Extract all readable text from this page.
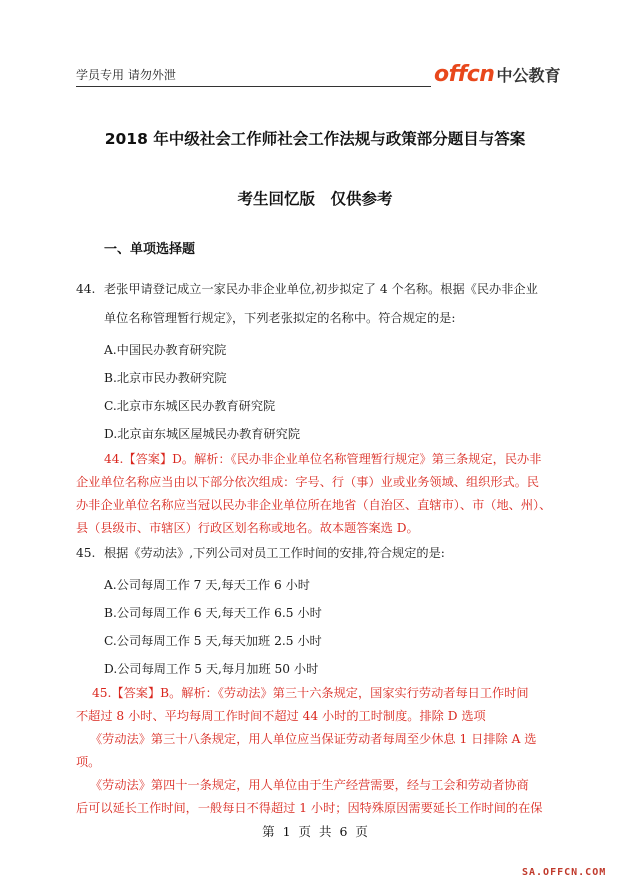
学员专用 请勿外泄	offcn 中公教育
2018 年中级社会工作师社会工作法规与政策部分题目与答案
考生回忆版 仅供参考
一、单项选择题
44. 老张甲请登记成立一家民办非企业单位,初步拟定了 4 个名称。根据《民办非企业
单位名称管理暂行规定》，下列老张拟定的名称中。符合规定的是:
A.中国民办教育研究院
B.北京市民办教研究院
C.北京市东城区民办教育研究院
D.北京亩东城区屋城民办教育研究院
44.【答案】D。解析：《民办非企业单位名称管理暂行规定》第三条规定，民办非
企业单位名称应当由以下部分依次组成：字号、行（事）业或业务领域、组织形式。民
办非企业单位名称应当冠以民办非企业单位所在地省（自治区、直辖市）、市（地、州）、
县（县级市、市辖区）行政区划名称或地名。故本题答案选 D。
45. 根据《劳动法》,下列公司对员工工作时间的安排,符合规定的是:
A.公司每周工作 7 天,每天工作 6 小时
B.公司每周工作 6 天,每天工作 6.5 小时
C.公司每周工作 5 天,每天加班 2.5 小时
D.公司每周工作 5 天,每月加班 50 小时
45.【答案】B。解析：《劳动法》第三十六条规定，国家实行劳动者每日工作时间
不超过 8 小时、平均每周工作时间不超过 44 小时的工时制度。排除 D 选项
《劳动法》第三十八条规定，用人单位应当保证劳动者每周至少休息 1 日排除 A 选
项。
《劳动法》第四十一条规定，用人单位由于生产经营需要，经与工会和劳动者协商
后可以延长工作时间，一般每日不得超过 1 小时；因特殊原因需要延长工作时间的在保
第 1 页 共 6 页
SA.OFFCN.COM
